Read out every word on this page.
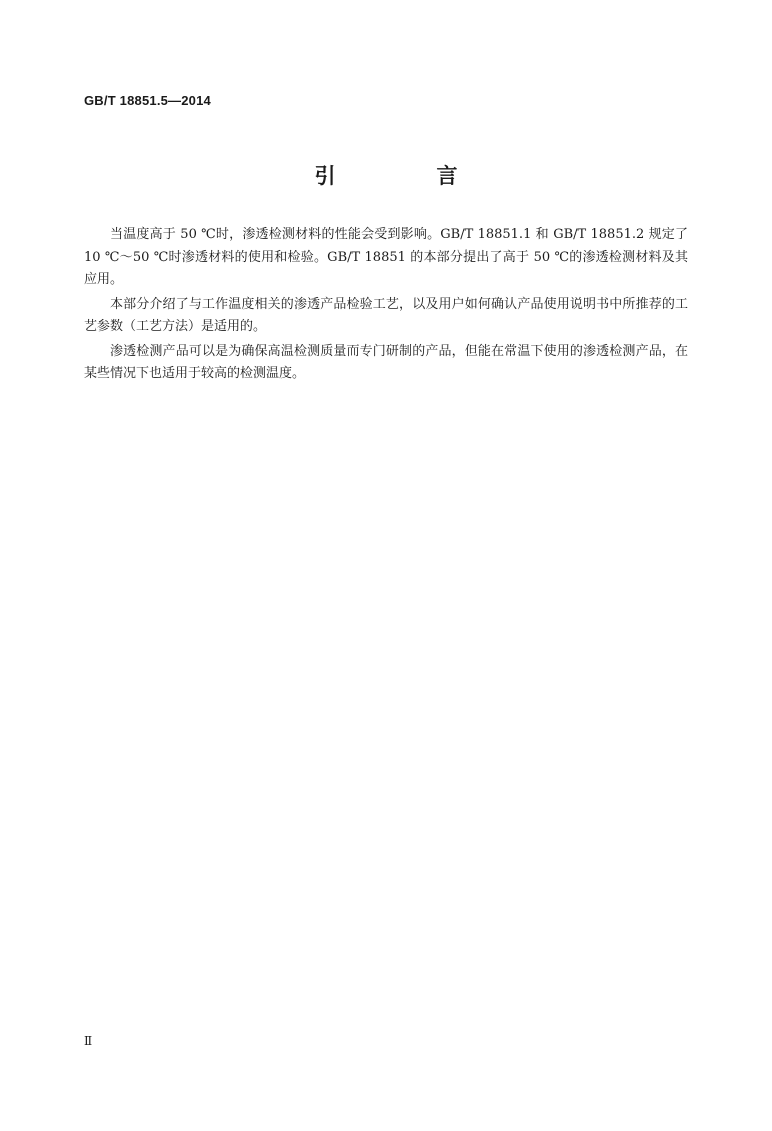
GB/T 18851.5—2014
引　言

当温度高于 50 ℃时，渗透检测材料的性能会受到影响。GB/T 18851.1 和 GB/T 18851.2 规定了 10 ℃～50 ℃时渗透材料的使用和检验。GB/T 18851 的本部分提出了高于 50 ℃的渗透检测材料及其应用。

本部分介绍了与工作温度相关的渗透产品检验工艺，以及用户如何确认产品使用说明书中所推荐的工艺参数（工艺方法）是适用的。

渗透检测产品可以是为确保高温检测质量而专门研制的产品，但能在常温下使用的渗透检测产品，在某些情况下也适用于较高的检测温度。

Ⅱ
